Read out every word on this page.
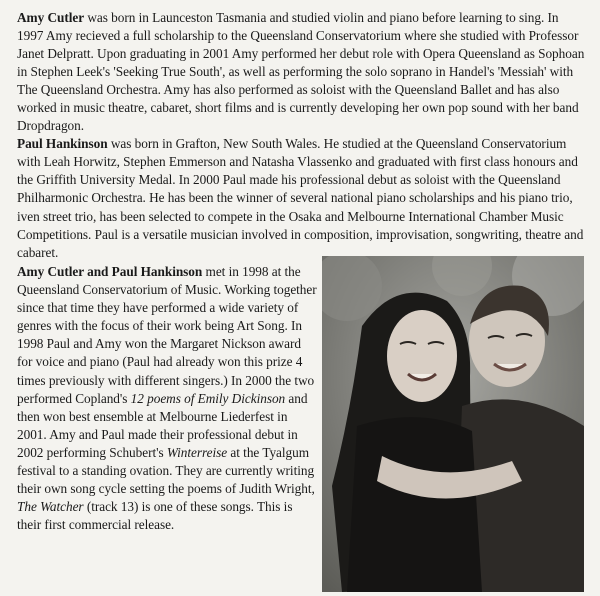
Amy Cutler was born in Launceston Tasmania and studied violin and piano before learning to sing. In 1997 Amy recieved a full scholarship to the Queensland Conservatorium where she studied with Professor Janet Delpratt. Upon graduating in 2001 Amy performed her debut role with Opera Queensland as Sophoan in Stephen Leek's 'Seeking True South', as well as performing the solo soprano in Handel's 'Messiah' with The Queensland Orchestra. Amy has also performed as soloist with the Queensland Ballet and has also worked in music theatre, cabaret, short films and is currently developing her own pop sound with her band Dropdragon.

Paul Hankinson was born in Grafton, New South Wales. He studied at the Queensland Conservatorium with Leah Horwitz, Stephen Emmerson and Natasha Vlassenko and graduated with first class honours and the Griffith University Medal. In 2000 Paul made his professional debut as soloist with the Queensland Philharmonic Orchestra. He has been the winner of several national piano scholarships and his piano trio, iven street trio, has been selected to compete in the Osaka and Melbourne International Chamber Music Competitions. Paul is a versatile musician involved in composition, improvisation, songwriting, theatre and cabaret.

Amy Cutler and Paul Hankinson met in 1998 at the Queensland Conservatorium of Music. Working together since that time they have performed a wide variety of genres with the focus of their work being Art Song. In 1998 Paul and Amy won the Margaret Nickson award for voice and piano (Paul had already won this prize 4 times previously with different singers.) In 2000 the two performed Copland's 12 poems of Emily Dickinson and then won best ensemble at Melbourne Liederfest in 2001. Amy and Paul made their professional debut in 2002 performing Schubert's Winterreise at the Tyalgum festival to a standing ovation. They are currently writing their own song cycle setting the poems of Judith Wright, The Watcher (track 13) is one of these songs. This is their first commercial release.
